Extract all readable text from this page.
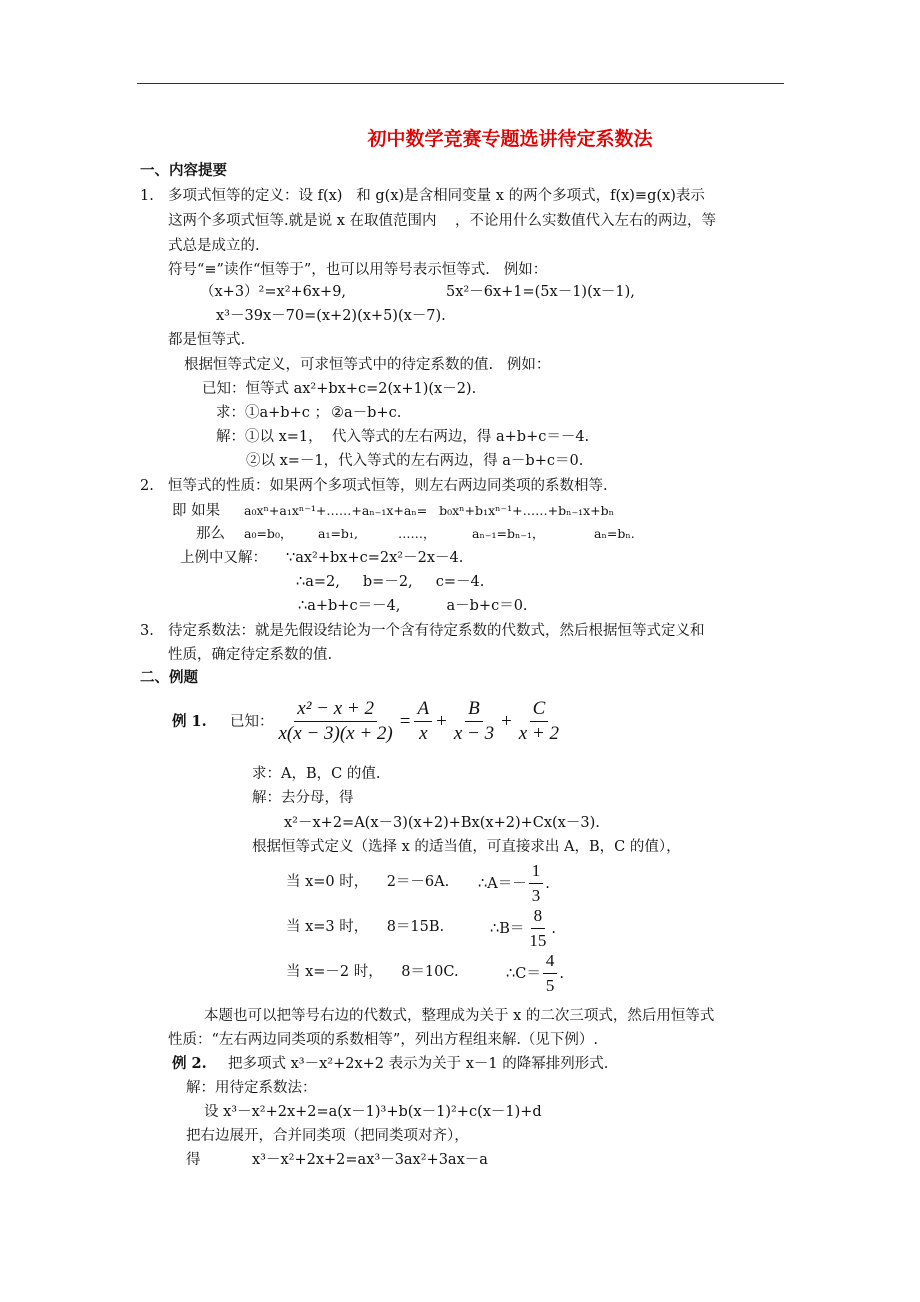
初中数学竞赛专题选讲待定系数法
一、内容提要
1. 多项式恒等的定义：设 f(x)   和 g(x)是含相同变量 x 的两个多项式，f(x)≡g(x)表示
这两个多项式恒等.就是说 x 在取值范围内    ，不论用什么实数值代入左右的两边，等
式总是成立的.
符号“≡”读作“恒等于”，也可以用等号表示恒等式.   例如：
（x+3）²=x²+6x+9,	5x²－6x+1=(5x－1)(x－1),
x³－39x－70=(x+2)(x+5)(x－7).
都是恒等式.
根据恒等式定义，可求恒等式中的待定系数的值.   例如：
已知：恒等式 ax²+bx+c=2(x+1)(x－2).
求：①a+b+c ； ②a－b+c.
解：①以 x=1，  代入等式的左右两边，得 a+b+c＝－4.
②以 x=－1，代入等式的左右两边，得 a－b+c＝0.
2. 恒等式的性质：如果两个多项式恒等，则左右两边同类项的系数相等.
即 如果 a₀xⁿ+a₁xⁿ⁻¹+……+aₙ₋₁x+aₙ=   b₀xⁿ+b₁xⁿ⁻¹+……+bₙ₋₁x+bₙ
那么 a₀=b₀， a₁=b₁,	……，	aₙ₋₁=bₙ₋₁，	aₙ=bₙ.
上例中又解： ∵ax²+bx+c=2x²－2x－4.
∴a=2,     b=－2,     c=－4.
∴a+b+c＝－4,          a－b+c＝0.
3. 待定系数法：就是先假设结论为一个含有待定系数的代数式，然后根据恒等式定义和
性质，确定待定系数的值.
二、例题
例 1.	已知： $\frac{\text{x² − x + 2}}{x(x - 3)(x + 2)} = \frac{A}{x} + \frac{B}{x - 3} + \frac{C}{x + 2}$
求：A，B，C 的值.
解：去分母，得
x²－x+2=A(x－3)(x+2)+Bx(x+2)+Cx(x－3).
根据恒等式定义（选择 x 的适当值，可直接求出 A，B，C 的值），
当 x=0 时，    2＝－6A. ∴A＝－ $\frac{1}{3}$ .
当 x=3 时，    8＝15B.	∴B＝ $\frac{8}{15}$ .
当 x=－2 时，    8＝10C.	∴C＝ $\frac{4}{5}$ .
本题也可以把等号右边的代数式，整理成为关于 x 的二次三项式，然后用恒等式
性质：“左右两边同类项的系数相等”，列出方程组来解.（见下例）.
例 2. 把多项式 x³－x²+2x+2 表示为关于 x－1 的降幂排列形式.
解：用待定系数法：
设 x³－x²+2x+2=a(x－1)³+b(x－1)²+c(x－1)+d
把右边展开，合并同类项（把同类项对齐），
得	x³－x²+2x+2=ax³－3ax²+3ax－a
